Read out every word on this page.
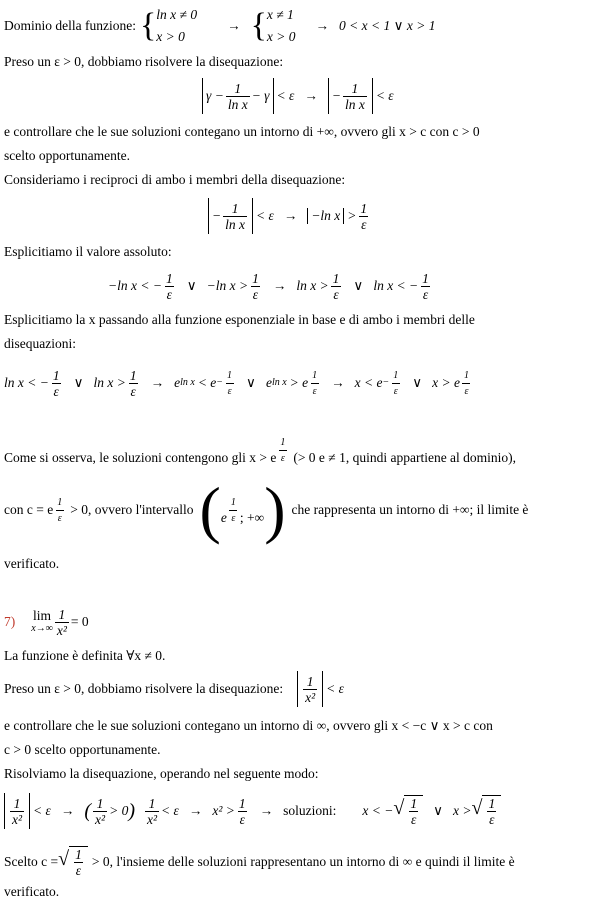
Dominio della funzione: { ln x ≠ 0
x > 0
→ { x ≠ 1
x > 0
→ 0 < x < 1 ∨ x > 1
Preso un ε > 0, dobbiamo risolvere la disequazione:
$\gamma - \frac{1}{\text{ln x}} - \gamma < \varepsilon$ → − $\frac{1}{\text{ln x}} < \varepsilon$
e controllare che le sue soluzioni contegano un intorno di +∞, ovvero gli x > c con c > 0
scelto opportunamente.
Consideriamo i reciproci di ambo i membri della disequazione:
− $\frac{1}{\text{ln x}} < \varepsilon \to -\ln$ $x > \frac{1}{\varepsilon}$
Esplicitiamo il valore assoluto:
−ln x < − $\frac{1}{\varepsilon}$ ∨ −ln $x > \frac{1}{\varepsilon} \to \ln x > \frac{1}{\varepsilon}$ ∨ ln x < − $\frac{1}{\varepsilon}$
Esplicitiamo la x passando alla funzione esponenziale in base e di ambo i membri delle
disequazioni:
ln x < − $\frac{1}{\varepsilon}$ ∨ $\ln x > \frac{1}{\varepsilon} \to e$ $\ln x < e - \frac{1}{\varepsilon}$ ∨ e ln x > e $\frac{1}{\varepsilon} \to x < e - \frac{1}{\varepsilon}$ ∨ x > e $\frac{1}{\varepsilon}$
Come si osserva, le soluzioni contengono gli x > e $^{\frac{1}{\varepsilon}}$ (> 0 e ≠ 1, quindi appartiene al dominio),
con c = e $\frac{1}{\varepsilon} > 0$, ovvero l'intervallo ( e $^{\frac{1}{\varepsilon}}$ ; +∞ ) che rappresenta un intorno di +∞; il limite è
verificato.
7) lim
$x\to\infty \frac{1}{\text{x²}} = 0$
La funzione è definita ∀x ≠ 0.
Preso un ε > 0, dobbiamo risolvere la disequazione: $\frac{1}{\text{x²}} < \varepsilon$
e controllare che le sue soluzioni contegano un intorno di ∞, ovvero gli x < −c ∨ x > c con
c > 0 scelto opportunamente.
Risolviamo la disequazione, operando nel seguente modo:
$\frac{1}{\text{x²}} < \varepsilon$ → ( $\frac{1}{\text{x²}} > 0$ ) $\frac{1}{\text{x²}} < \varepsilon \to x^2 > \frac{1}{\varepsilon}$ → soluzioni: x < − √ $\frac{1}{\varepsilon}$ ∨ x > √ $\frac{1}{\varepsilon}$
Scelto c = √ $\frac{1}{\varepsilon} > 0$, l'insieme delle soluzioni rappresentano un intorno di ∞ e quindi il limite è
verificato.
